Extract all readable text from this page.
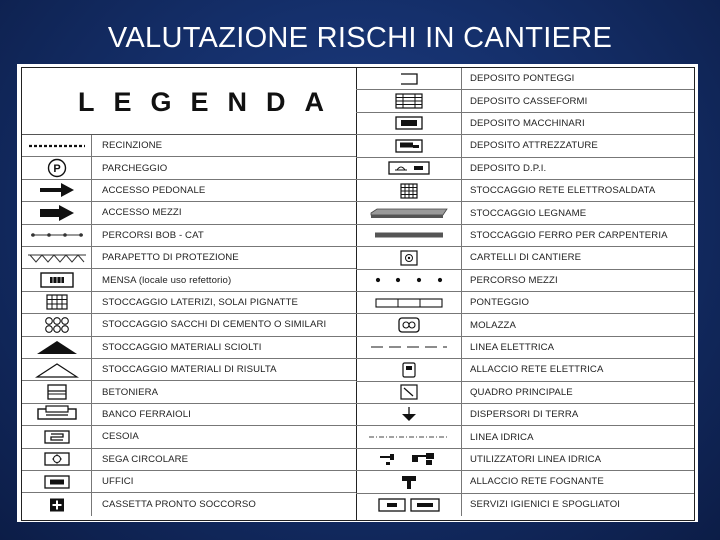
VALUTAZIONE RISCHI IN CANTIERE
LEGENDA
RECINZIONE
P	PARCHEGGIO
ACCESSO PEDONALE
ACCESSO MEZZI
PERCORSI BOB - CAT
PARAPETTO DI PROTEZIONE
MENSA (locale uso refettorio)
STOCCAGGIO LATERIZI, SOLAI PIGNATTE
STOCCAGGIO SACCHI DI CEMENTO O SIMILARI
STOCCAGGIO MATERIALI SCIOLTI
STOCCAGGIO MATERIALI DI RISULTA
BETONIERA
BANCO FERRAIOLI
CESOIA
SEGA CIRCOLARE
UFFICI
CASSETTA PRONTO SOCCORSO
DEPOSITO PONTEGGI
DEPOSITO CASSEFORMI
DEPOSITO MACCHINARI
DEPOSITO ATTREZZATURE
DEPOSITO D.P.I.
STOCCAGGIO RETE ELETTROSALDATA
STOCCAGGIO LEGNAME
STOCCAGGIO FERRO PER CARPENTERIA
CARTELLI DI CANTIERE
PERCORSO MEZZI
PONTEGGIO
MOLAZZA
LINEA ELETTRICA
ALLACCIO RETE ELETTRICA
QUADRO PRINCIPALE
DISPERSORI DI TERRA
LINEA IDRICA
UTILIZZATORI LINEA IDRICA
ALLACCIO RETE FOGNANTE
SERVIZI IGIENICI E SPOGLIATOI
